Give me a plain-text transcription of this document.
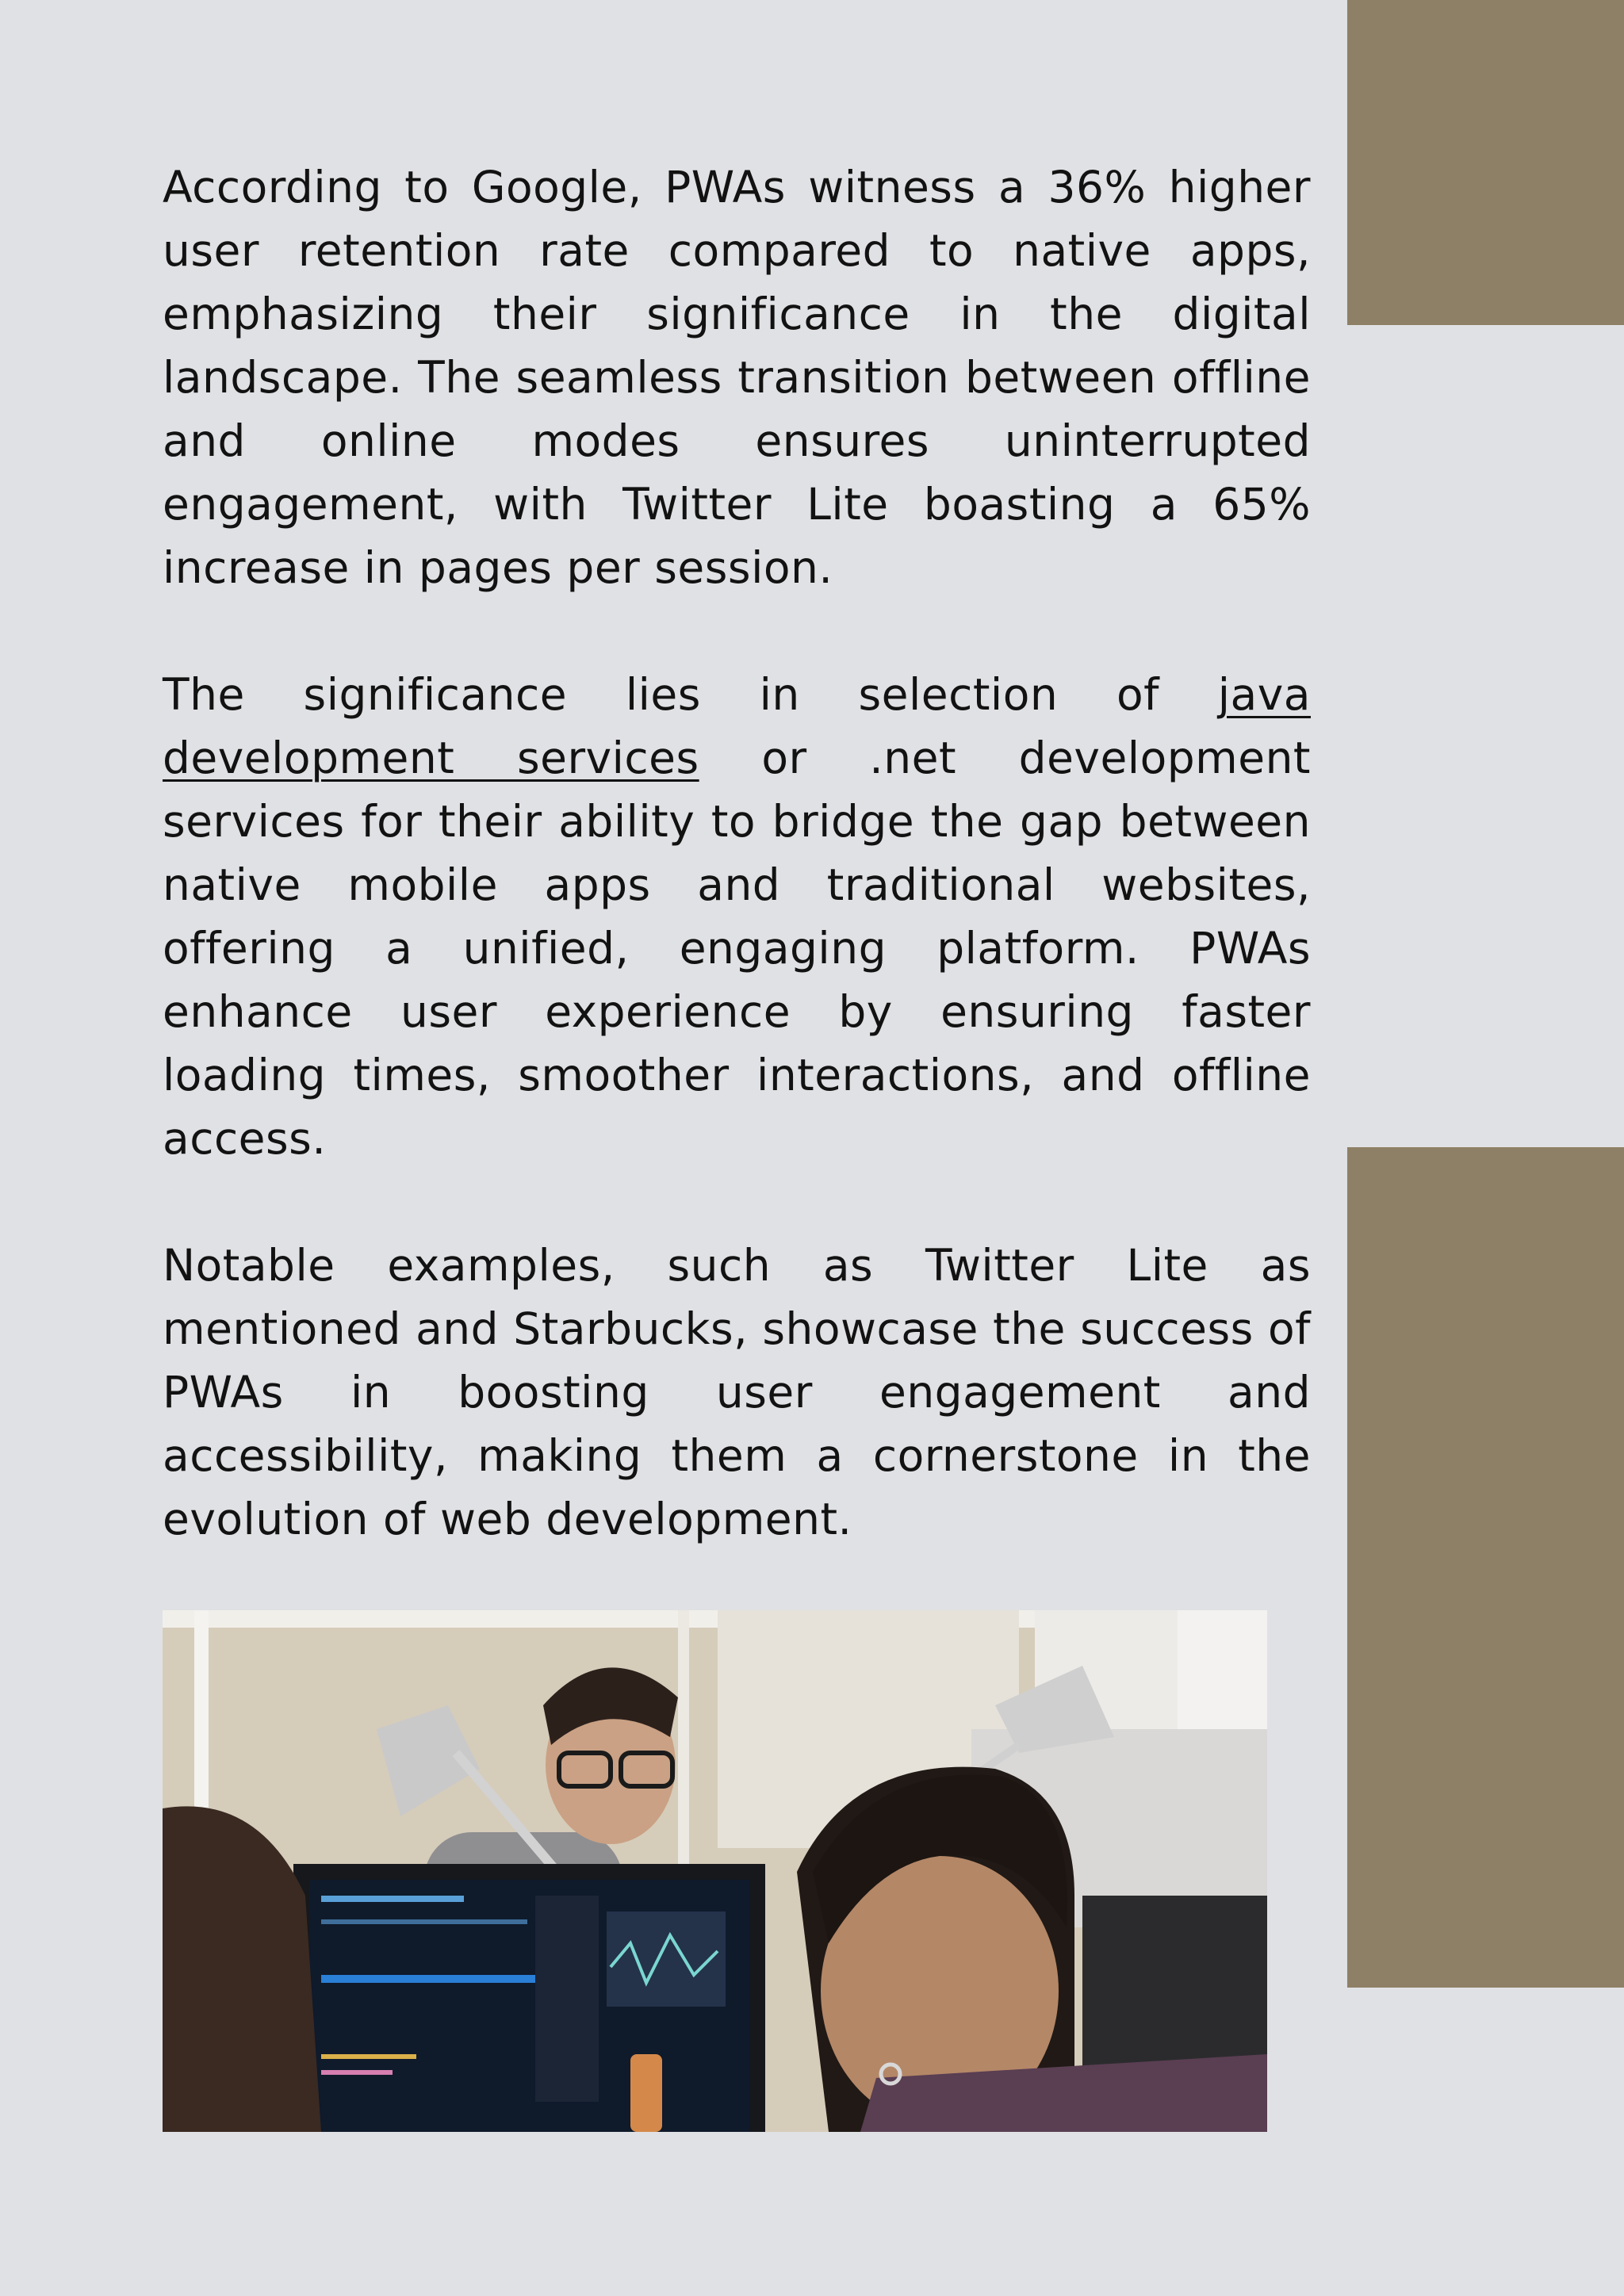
According to Google, PWAs witness a 36% higher user retention rate compared to native apps, emphasizing their significance in the digital landscape. The seamless transition between offline and online modes ensures uninterrupted engagement, with Twitter Lite boasting a 65% increase in pages per session.

The significance lies in selection of java development services or .net development services for their ability to bridge the gap between native mobile apps and traditional websites, offering a unified, engaging platform. PWAs enhance user experience by ensuring faster loading times, smoother interactions, and offline access.

Notable examples, such as Twitter Lite as mentioned and Starbucks, showcase the success of PWAs in boosting user engagement and accessibility, making them a cornerstone in the evolution of web development.
